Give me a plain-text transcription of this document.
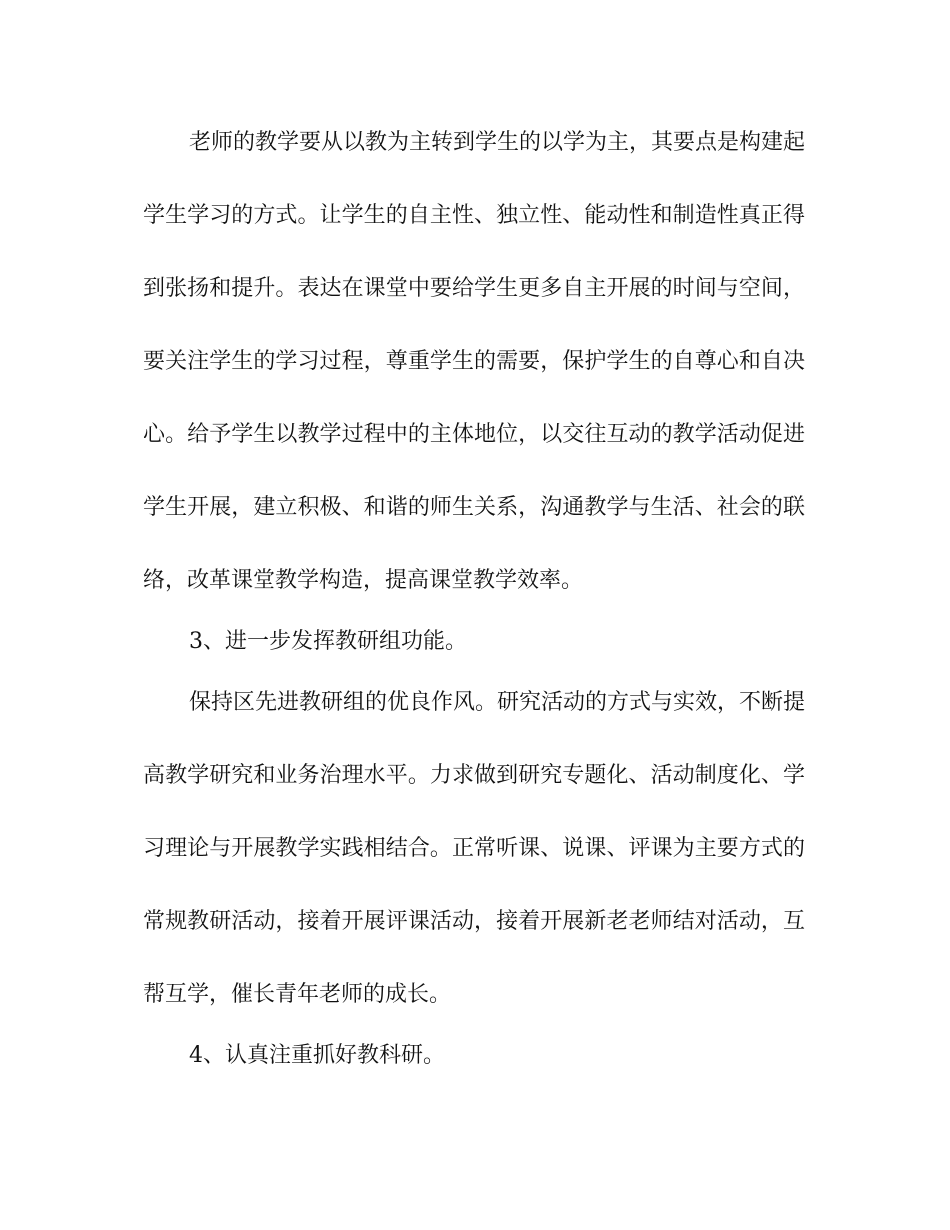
老师的教学要从以教为主转到学生的以学为主，其要点是构建起

学生学习的方式。让学生的自主性、独立性、能动性和制造性真正得

到张扬和提升。表达在课堂中要给学生更多自主开展的时间与空间，

要关注学生的学习过程，尊重学生的需要，保护学生的自尊心和自决

心。给予学生以教学过程中的主体地位，以交往互动的教学活动促进

学生开展，建立积极、和谐的师生关系，沟通教学与生活、社会的联

络，改革课堂教学构造，提高课堂教学效率。

3、进一步发挥教研组功能。

保持区先进教研组的优良作风。研究活动的方式与实效，不断提

高教学研究和业务治理水平。力求做到研究专题化、活动制度化、学

习理论与开展教学实践相结合。正常听课、说课、评课为主要方式的

常规教研活动，接着开展评课活动，接着开展新老老师结对活动，互

帮互学，催长青年老师的成长。

4、认真注重抓好教科研。
